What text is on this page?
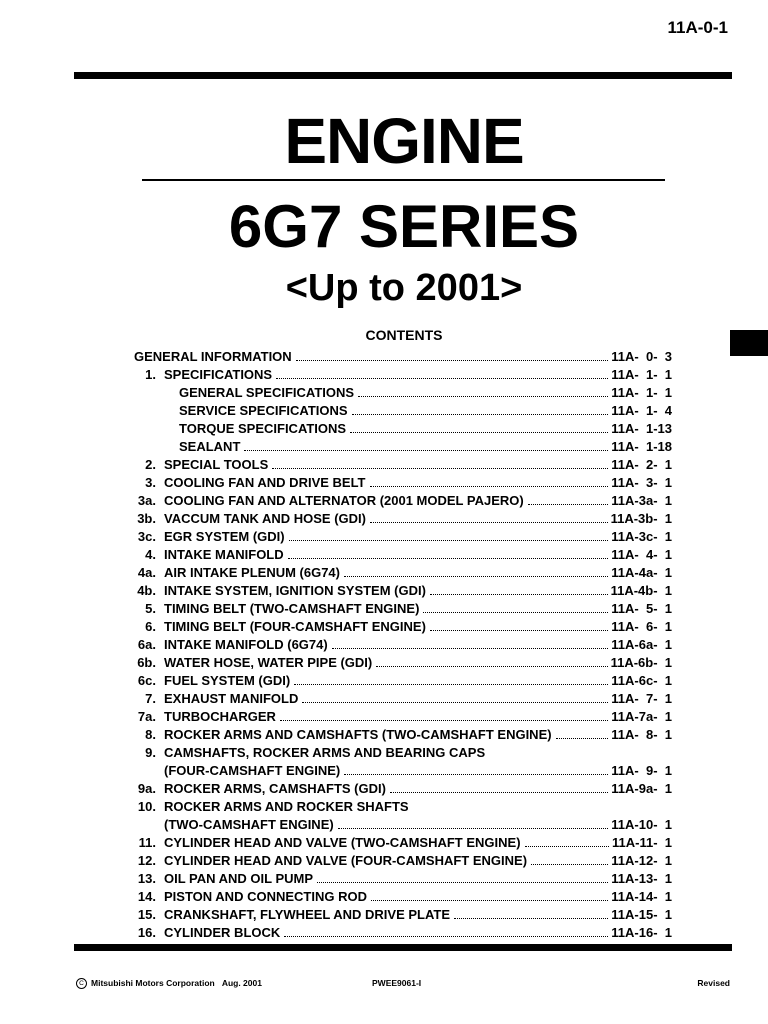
11A-0-1
ENGINE
6G7 SERIES
<Up to 2001>
CONTENTS
GENERAL INFORMATION	11A-  0-  3
1. SPECIFICATIONS	11A-  1-  1
GENERAL SPECIFICATIONS	11A-  1-  1
SERVICE SPECIFICATIONS	11A-  1-  4
TORQUE SPECIFICATIONS	11A-  1-13
SEALANT	11A-  1-18
2. SPECIAL TOOLS	11A-  2-  1
3. COOLING FAN AND DRIVE BELT	11A-  3-  1
3a. COOLING FAN AND ALTERNATOR (2001 MODEL PAJERO)	11A-3a-  1
3b. VACCUM TANK AND HOSE (GDI)	11A-3b-  1
3c. EGR SYSTEM (GDI)	11A-3c-  1
4. INTAKE MANIFOLD	11A-  4-  1
4a. AIR INTAKE PLENUM (6G74)	11A-4a-  1
4b. INTAKE SYSTEM, IGNITION SYSTEM (GDI)	11A-4b-  1
5. TIMING BELT (TWO-CAMSHAFT ENGINE)	11A-  5-  1
6. TIMING BELT (FOUR-CAMSHAFT ENGINE)	11A-  6-  1
6a. INTAKE MANIFOLD (6G74)	11A-6a-  1
6b. WATER HOSE, WATER PIPE (GDI)	11A-6b-  1
6c. FUEL SYSTEM (GDI)	11A-6c-  1
7. EXHAUST MANIFOLD	11A-  7-  1
7a. TURBOCHARGER	11A-7a-  1
8. ROCKER ARMS AND CAMSHAFTS (TWO-CAMSHAFT ENGINE)	11A-  8-  1
9. CAMSHAFTS, ROCKER ARMS AND BEARING CAPS
(FOUR-CAMSHAFT ENGINE)	11A-  9-  1
9a. ROCKER ARMS, CAMSHAFTS (GDI)	11A-9a-  1
10. ROCKER ARMS AND ROCKER SHAFTS
(TWO-CAMSHAFT ENGINE)	11A-10-  1
11. CYLINDER HEAD AND VALVE (TWO-CAMSHAFT ENGINE)	11A-11-  1
12. CYLINDER HEAD AND VALVE (FOUR-CAMSHAFT ENGINE)	11A-12-  1
13. OIL PAN AND OIL PUMP	11A-13-  1
14. PISTON AND CONNECTING ROD	11A-14-  1
15. CRANKSHAFT, FLYWHEEL AND DRIVE PLATE	11A-15-  1
16. CYLINDER BLOCK	11A-16-  1
C Mitsubishi Motors Corporation Aug. 2001	PWEE9061-I	Revised
